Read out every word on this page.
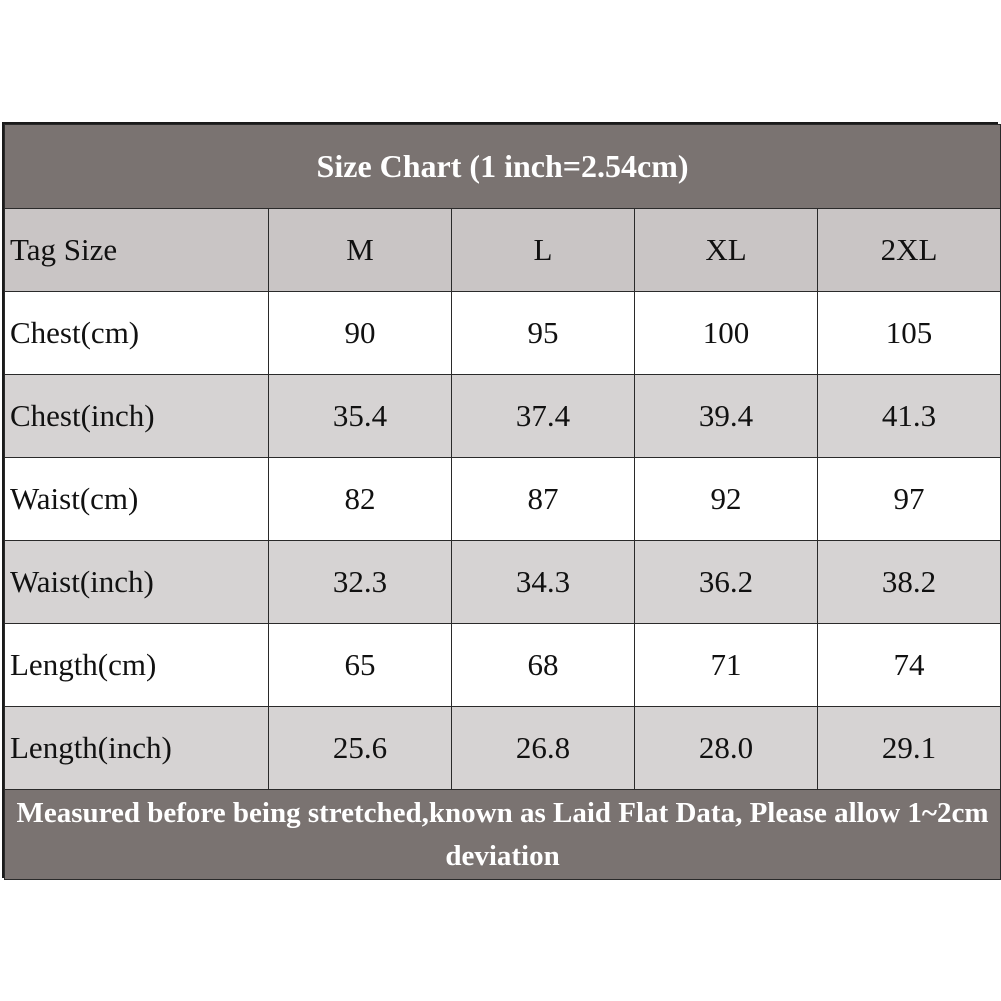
Size Chart (1 inch=2.54cm)				
Tag Size	M	L	XL	2XL
Chest(cm)	90	95	100	105
Chest(inch)	35.4	37.4	39.4	41.3
Waist(cm)	82	87	92	97
Waist(inch)	32.3	34.3	36.2	38.2
Length(cm)	65	68	71	74
Length(inch)	25.6	26.8	28.0	29.1
Measured before being stretched,known as Laid Flat Data, Please allow 1~2cm deviation				
